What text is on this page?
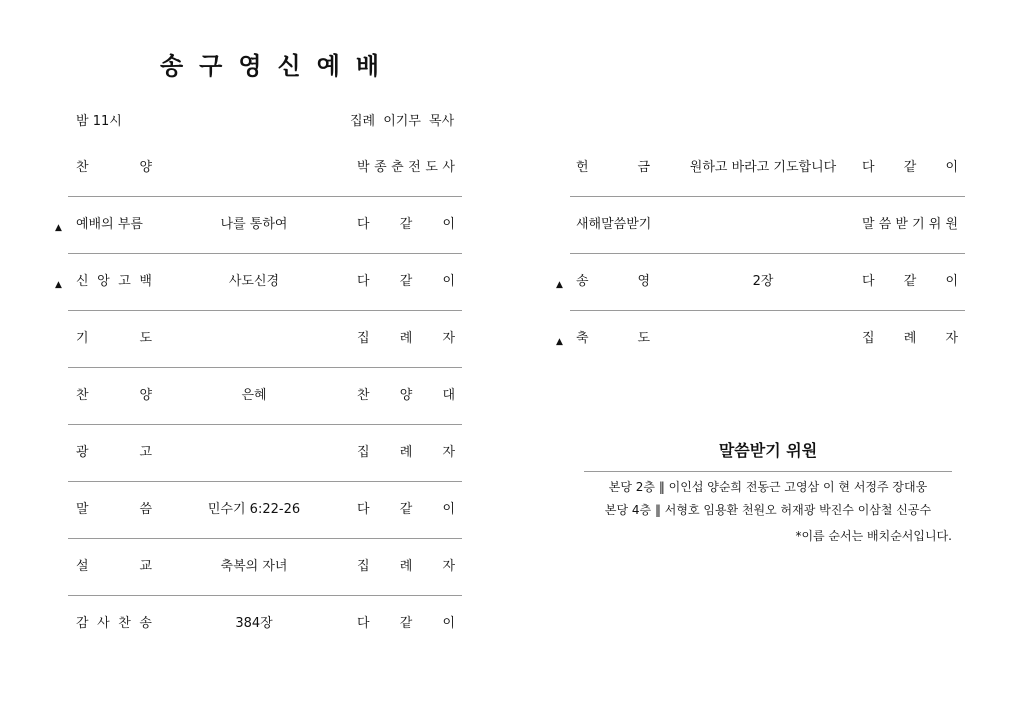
송구영신예배
밤 11시	집례 이기무 목사
찬	양	박 종 춘 전 도 사
▲ 예배의 부름	나를 통하여	다 같 이
▲ 신 앙 고 백	사도신경	다 같 이
기	도	집 례 자
찬	양	은혜	찬 양 대
광	고	집 례 자
말	씀	민수기 6:22-26	다 같 이
설	교	축복의 자녀	집 례 자
감 사 찬 송	384장	다 같 이
헌	금	원하고 바라고 기도합니다	다 같 이
새해말씀받기	말 씀 받 기 위 원
▲ 송	영	2장	다 같 이
▲ 축	도	집 례 자
말씀받기 위원
본당 2층 ‖ 이인섭 양순희 전동근 고영삼 이 현 서정주 장대웅
본당 4층 ‖ 서형호 임용환 천원오 허재광 박진수 이삼철 신공수
*이름 순서는 배치순서입니다.
